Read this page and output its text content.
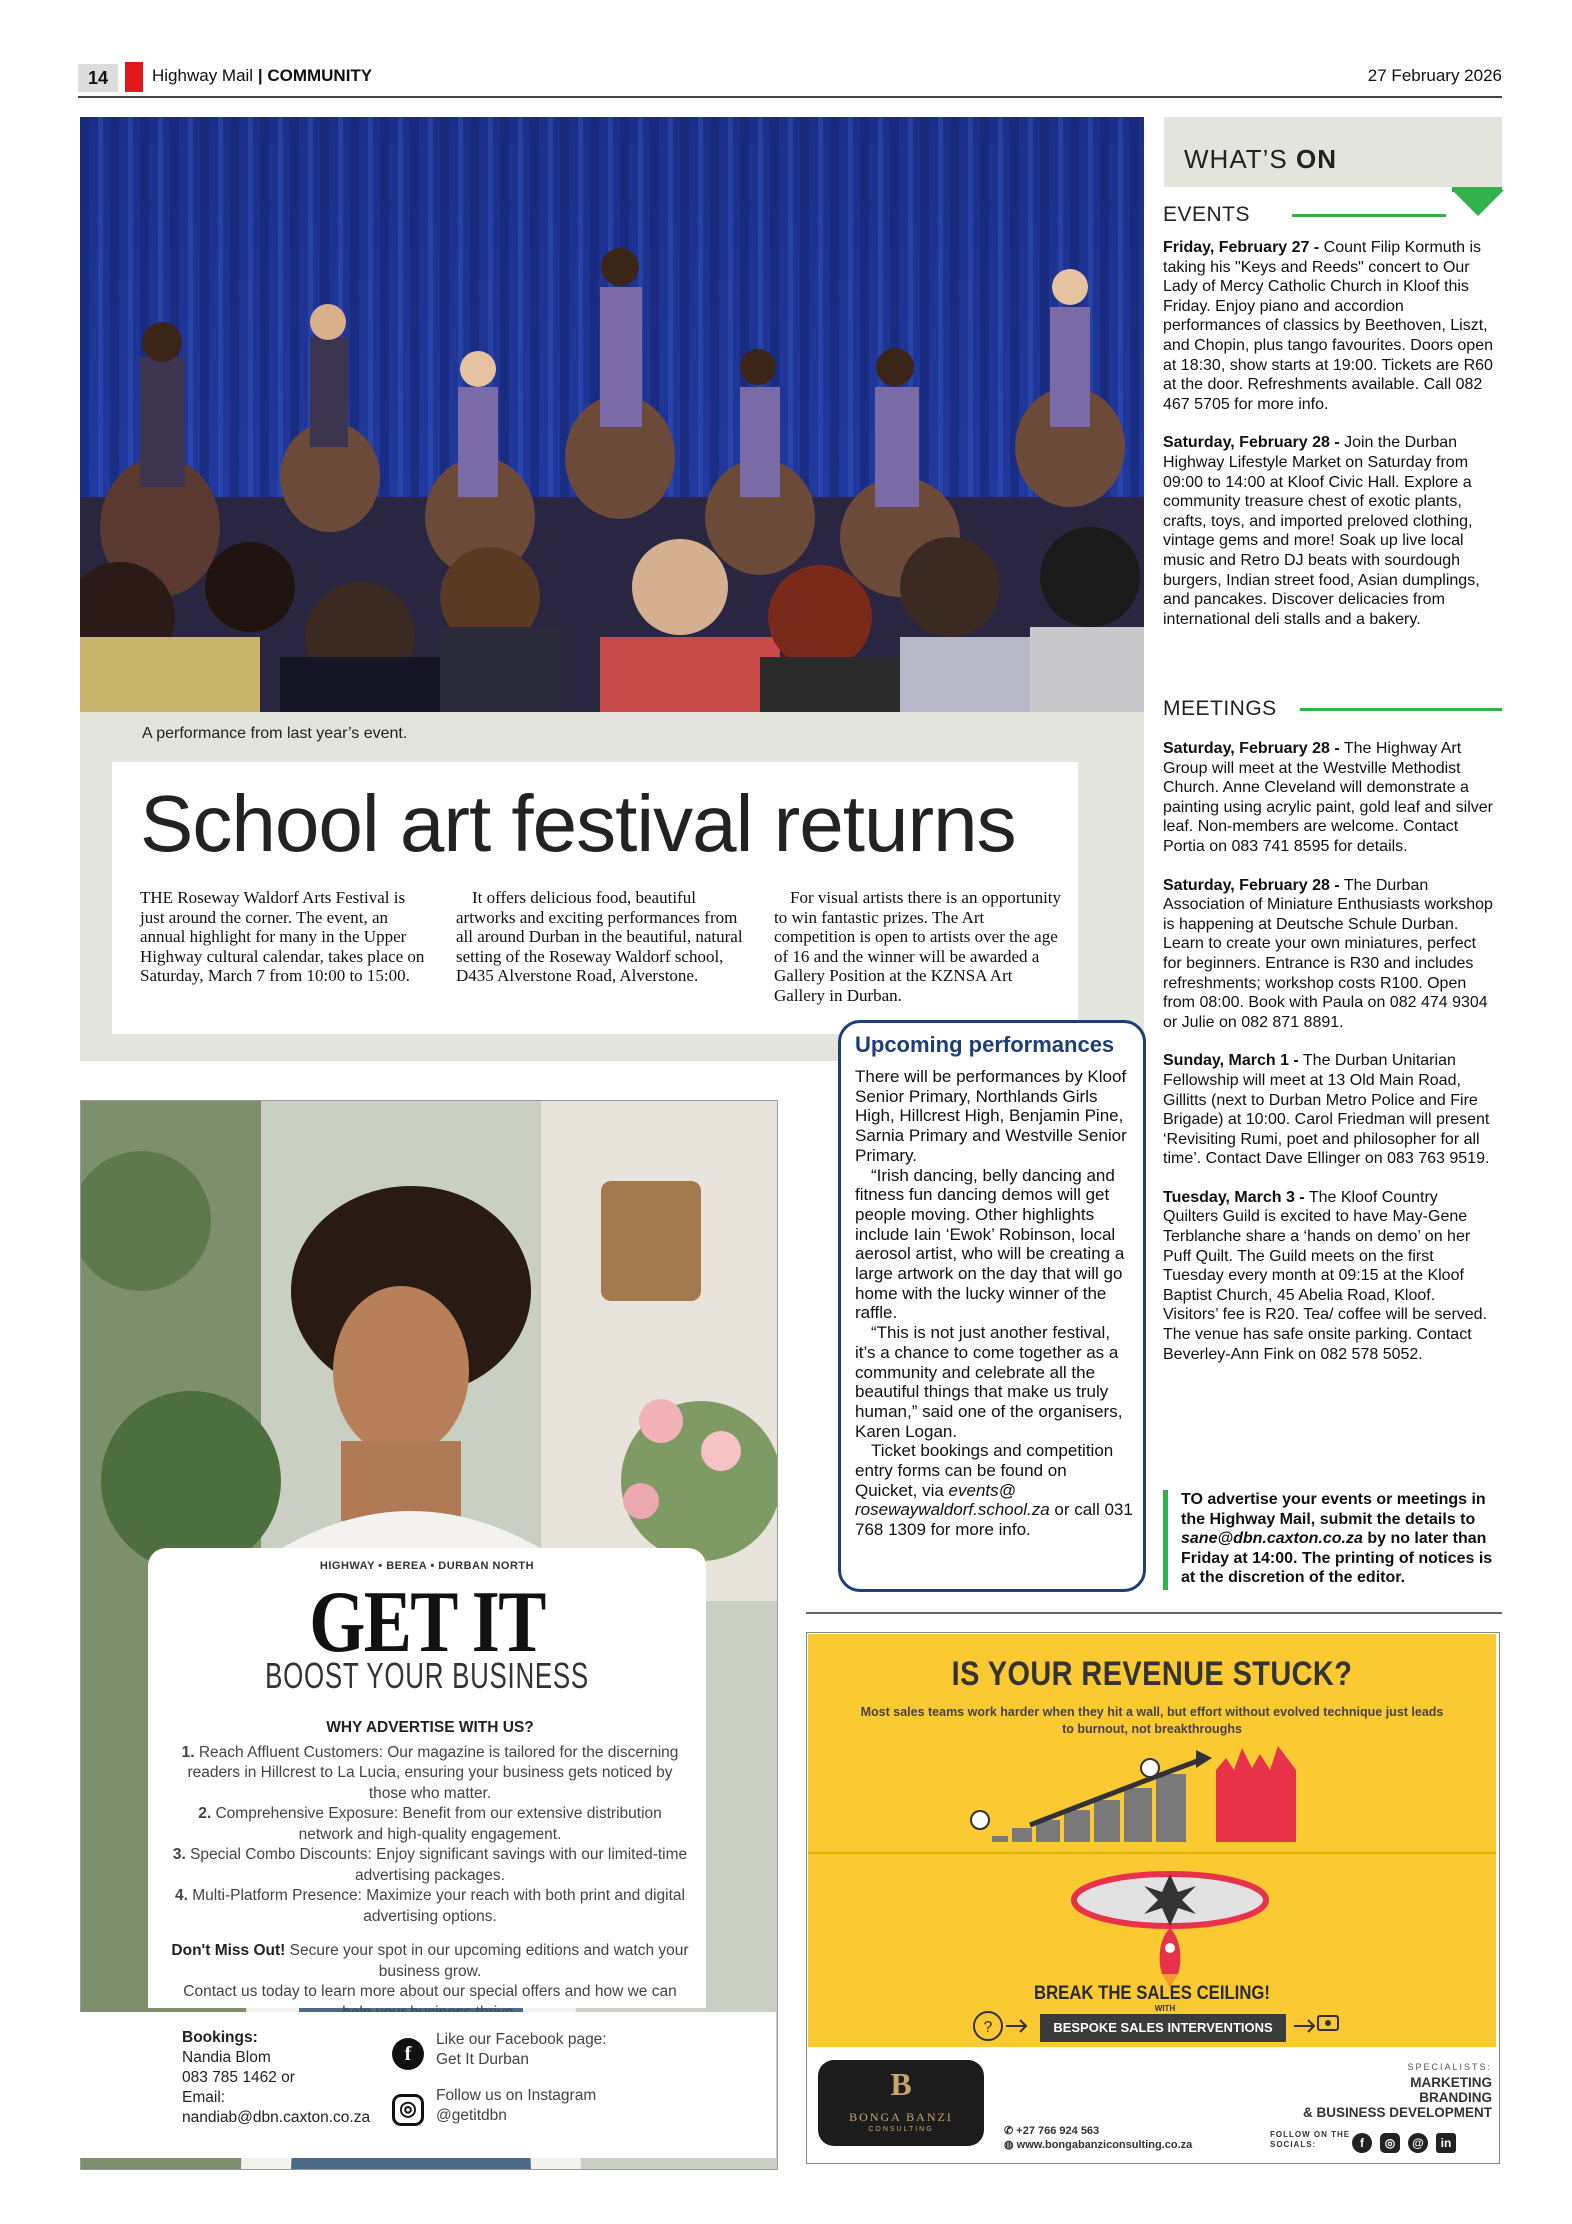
14	Highway Mail | COMMUNITY	27 February 2026
A performance from last year’s event.
School art festival returns

THE Roseway Waldorf Arts Festival is just around the corner. The event, an annual highlight for many in the Upper Highway cultural calendar, takes place on Saturday, March 7 from 10:00 to 15:00.

It offers delicious food, beautiful artworks and exciting performances from all around Durban in the beautiful, natural setting of the Roseway Waldorf school, D435 Alverstone Road, Alverstone.

For visual artists there is an opportunity to win fantastic prizes. The Art competition is open to artists over the age of 16 and the winner will be awarded a Gallery Position at the KZNSA Art Gallery in Durban.

Upcoming performances

There will be performances by Kloof Senior Primary, Northlands Girls High, Hillcrest High, Benjamin Pine, Sarnia Primary and Westville Senior Primary.

“Irish dancing, belly dancing and fitness fun dancing demos will get people moving. Other highlights include Iain ‘Ewok’ Robinson, local aerosol artist, who will be creating a large artwork on the day that will go home with the lucky winner of the raffle.

“This is not just another festival, it’s a chance to come together as a community and celebrate all the beautiful things that make us truly human,” said one of the organisers, Karen Logan.

Ticket bookings and competition entry forms can be found on Quicket, via events@ rosewaywaldorf.school.za or call 031 768 1309 for more info.

WHAT’S ON
EVENTS

Friday, February 27 - Count Filip Kormuth is taking his "Keys and Reeds" concert to Our Lady of Mercy Catholic Church in Kloof this Friday. Enjoy piano and accordion performances of classics by Beethoven, Liszt, and Chopin, plus tango favourites. Doors open at 18:30, show starts at 19:00. Tickets are R60 at the door. Refreshments available. Call 082 467 5705 for more info.

Saturday, February 28 - Join the Durban Highway Lifestyle Market on Saturday from 09:00 to 14:00 at Kloof Civic Hall. Explore a community treasure chest of exotic plants, crafts, toys, and imported preloved clothing, vintage gems and more! Soak up live local music and Retro DJ beats with sourdough burgers, Indian street food, Asian dumplings, and pancakes. Discover delicacies from international deli stalls and a bakery.

MEETINGS

Saturday, February 28 - The Highway Art Group will meet at the Westville Methodist Church. Anne Cleveland will demonstrate a painting using acrylic paint, gold leaf and silver leaf. Non-members are welcome. Contact Portia on 083 741 8595 for details.

Saturday, February 28 - The Durban Association of Miniature Enthusiasts workshop is happening at Deutsche Schule Durban. Learn to create your own miniatures, perfect for beginners. Entrance is R30 and includes refreshments; workshop costs R100. Open from 08:00. Book with Paula on 082 474 9304 or Julie on 082 871 8891.

Sunday, March 1 - The Durban Unitarian Fellowship will meet at 13 Old Main Road, Gillitts (next to Durban Metro Police and Fire Brigade) at 10:00. Carol Friedman will present ‘Revisiting Rumi, poet and philosopher for all time’. Contact Dave Ellinger on 083 763 9519.

Tuesday, March 3 - The Kloof Country Quilters Guild is excited to have May-Gene Terblanche share a ‘hands on demo’ on her Puff Quilt. The Guild meets on the first Tuesday every month at 09:15 at the Kloof Baptist Church, 45 Abelia Road, Kloof. Visitors’ fee is R20. Tea/ coffee will be served. The venue has safe onsite parking. Contact Beverley-Ann Fink on 082 578 5052.

TO advertise your events or meetings in the Highway Mail, submit the details to sane@dbn.caxton.co.za by no later than Friday at 14:00. The printing of notices is at the discretion of the editor.
HIGHWAY • BEREA • DURBAN NORTH
GET IT
BOOST YOUR BUSINESS

WHY ADVERTISE WITH US?

1. Reach Affluent Customers: Our magazine is tailored for the discerning readers in Hillcrest to La Lucia, ensuring your business gets noticed by those who matter.

2. Comprehensive Exposure: Benefit from our extensive distribution network and high-quality engagement.

3. Special Combo Discounts: Enjoy significant savings with our limited-time advertising packages.

4. Multi-Platform Presence: Maximize your reach with both print and digital advertising options.

Don't Miss Out! Secure your spot in our upcoming editions and watch your business grow.

Contact us today to learn more about our special offers and how we can

Bookings:
Nandia Blom
083 785 1462 or
Email:
nandiab@dbn.caxton.co.za
f
Like our Facebook page:
Get It Durban
◎
Follow us on Instagram
@getitdbn
IS YOUR REVENUE STUCK?
Most sales teams work harder when they hit a wall, but effort without evolved technique just leads to burnout, not breakthroughs
BREAK THE SALES CEILING!
WITH
BESPOKE SALES INTERVENTIONS
?
B
BONGA BANZI
CONSULTING	✆ +27 766 924 563
◍ www.bongabanziconsulting.co.za
SPECIALISTS:
MARKETING
BRANDING
& BUSINESS DEVELOPMENT
FOLLOW ON THE
SOCIALS:	f	◎	@	in
